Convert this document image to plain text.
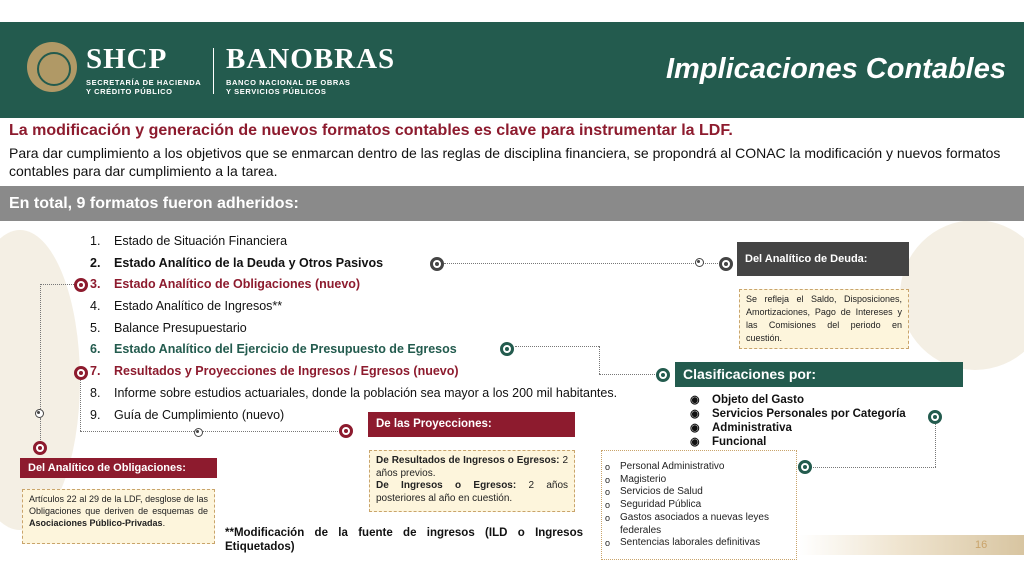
SHCP
SECRETARÍA DE HACIENDA
Y CRÉDITO PÚBLICO
BANOBRAS
BANCO NACIONAL DE OBRAS
Y SERVICIOS PÚBLICOS
Implicaciones Contables
La modificación y generación de nuevos formatos contables es clave para instrumentar la LDF.
Para dar cumplimiento a los objetivos que se enmarcan dentro de las reglas de disciplina financiera, se propondrá al CONAC la modificación y nuevos formatos contables para dar cumplimiento a la tarea.
En total, 9 formatos fueron adheridos:
1. Estado de Situación Financiera
2. Estado Analítico de la Deuda y Otros Pasivos
3. Estado Analítico de Obligaciones (nuevo)
4. Estado Analítico de Ingresos**
5. Balance Presupuestario
6. Estado Analítico del Ejercicio de Presupuesto de Egresos
7. Resultados y Proyecciones de Ingresos / Egresos (nuevo)
8. Informe sobre estudios actuariales, donde la población sea mayor a los 200 mil habitantes.
9. Guía de Cumplimiento (nuevo)
Del Analítico de Deuda:
Se refleja el Saldo, Disposiciones, Amortizaciones, Pago de Intereses y las Comisiones del periodo en cuestión.
Clasificaciones por:
◉ Objeto del Gasto
◉ Servicios Personales por Categoría
◉ Administrativa
◉ Funcional
o Personal Administrativo
o Magisterio
o Servicios de Salud
o Seguridad Pública
o Gastos asociados a nuevas leyes federales
o Sentencias laborales definitivas
De las Proyecciones:
De Resultados de Ingresos o Egresos: 2 años previos.
De Ingresos o Egresos: 2 años posteriores al año en cuestión.
Del Analítico de Obligaciones:
Artículos 22 al 29 de la LDF, desglose de las Obligaciones que deriven de esquemas de Asociaciones Público-Privadas.
**Modificación de la fuente de ingresos (ILD o Ingresos Etiquetados)	16
